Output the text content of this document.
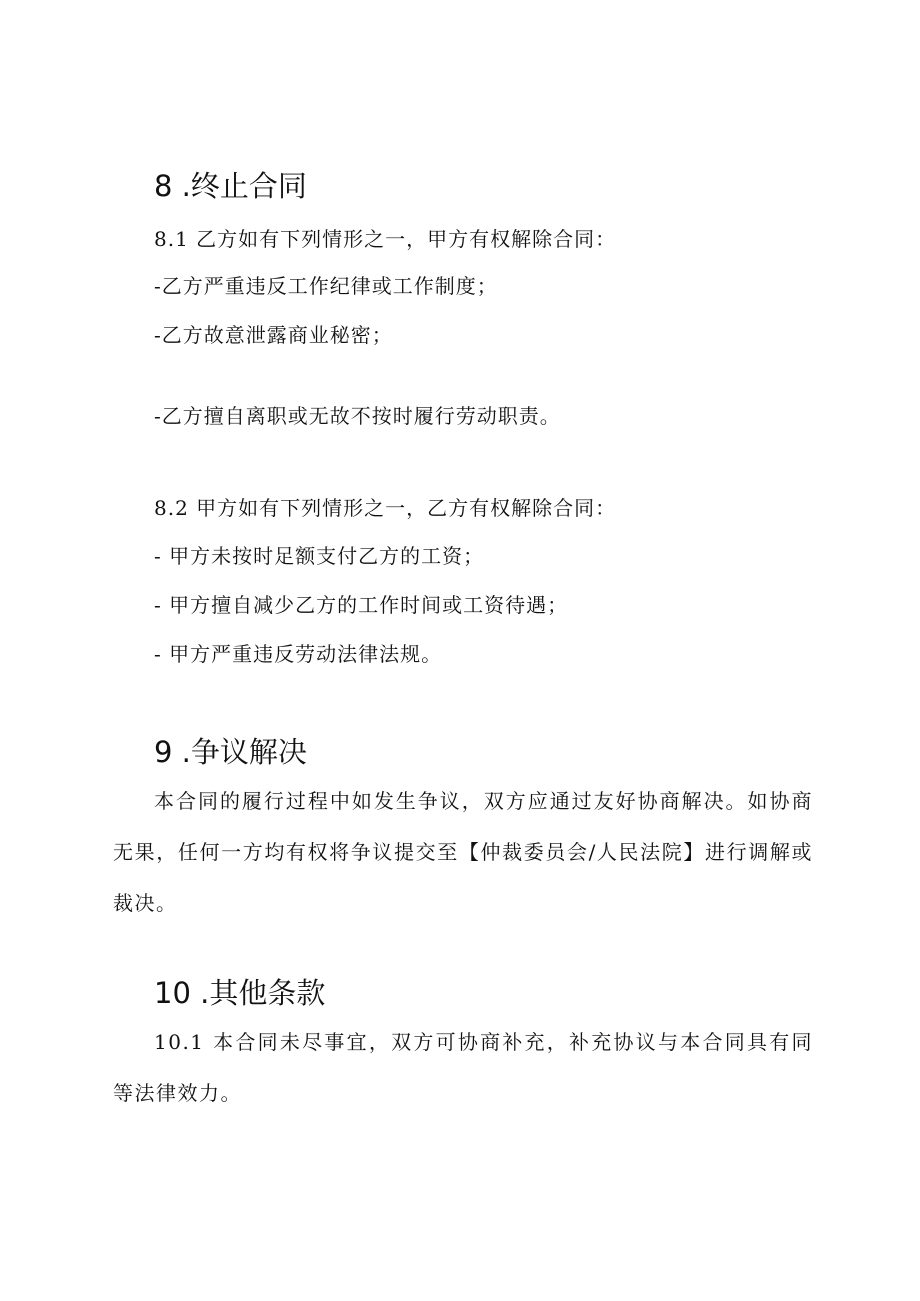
8 .终止合同

8.1 乙方如有下列情形之一，甲方有权解除合同：

-乙方严重违反工作纪律或工作制度；

-乙方故意泄露商业秘密；

-乙方擅自离职或无故不按时履行劳动职责。

8.2 甲方如有下列情形之一，乙方有权解除合同：

- 甲方未按时足额支付乙方的工资；

- 甲方擅自减少乙方的工作时间或工资待遇；

- 甲方严重违反劳动法律法规。

9 .争议解决

本合同的履行过程中如发生争议，双方应通过友好协商解决。如协商无果，任何一方均有权将争议提交至【仲裁委员会/人民法院】进行调解或裁决。

10 .其他条款

10.1 本合同未尽事宜，双方可协商补充，补充协议与本合同具有同等法律效力。
